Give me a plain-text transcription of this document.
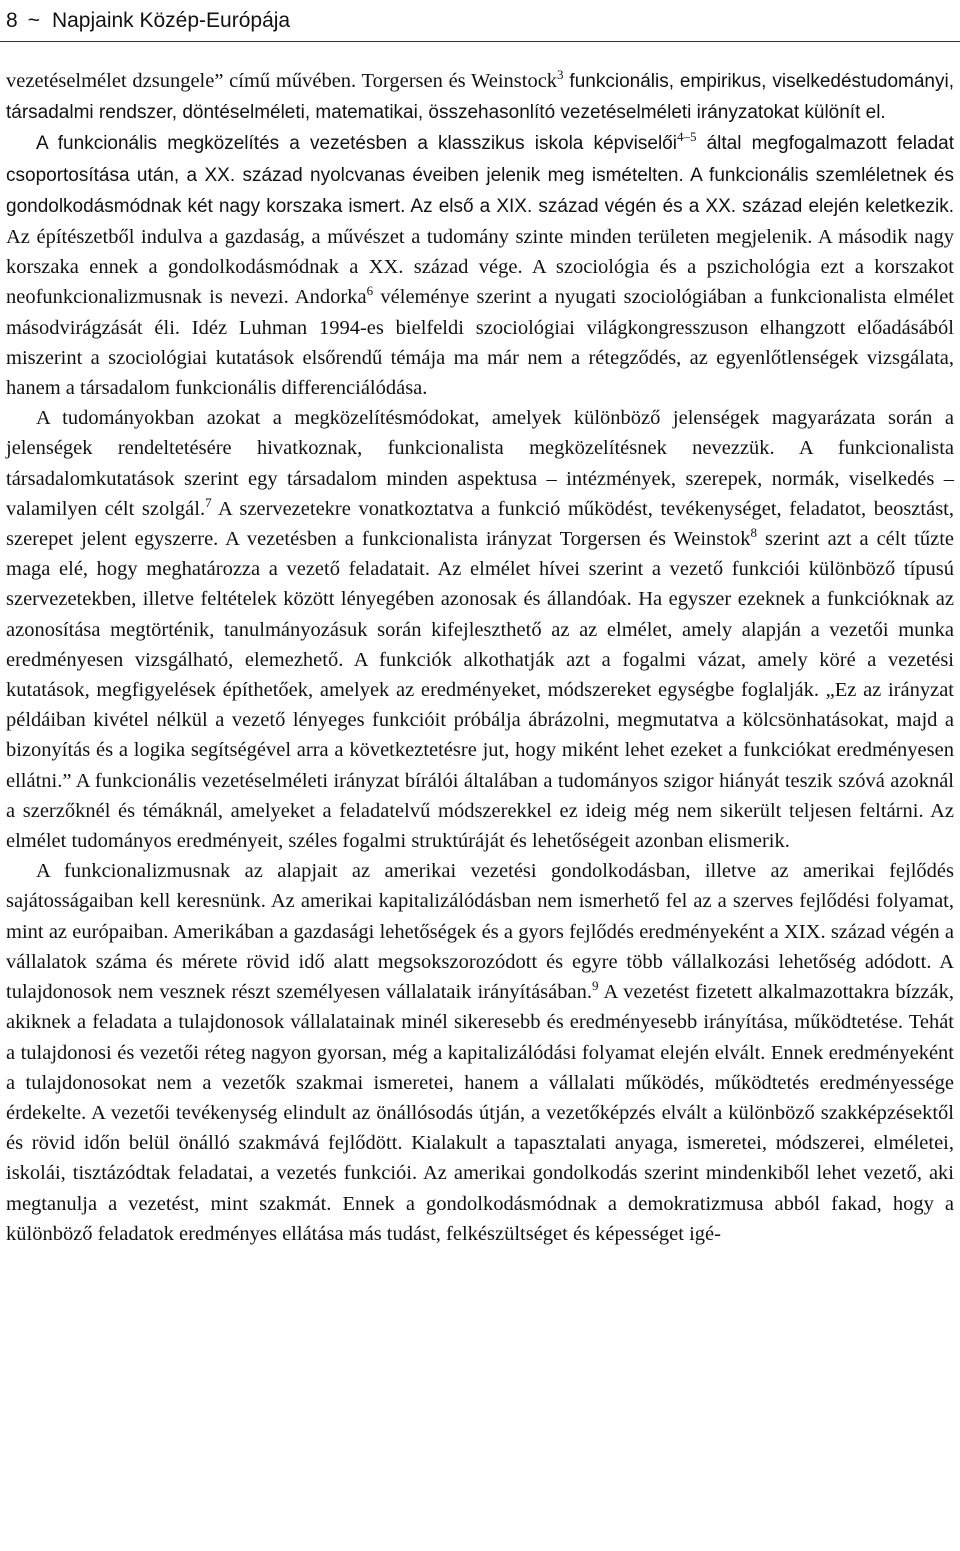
8 ~ Napjaink Közép-Európája

vezetéselmélet dzsungele” című művében. Torgersen és Weinstock$^3$ funkcionális, empirikus, viselkedéstudományi, társadalmi rendszer, döntéselméleti, matematikai, összehasonlító vezetéselméleti irányzatokat különít el.

A funkcionális megközelítés a vezetésben a klasszikus iskola képviselői$^{4-5}$ által megfogalmazott feladat csoportosítása után, a XX. század nyolcvanas éveiben jelenik meg ismételten. A funkcionális szemléletnek és gondolkodásmódnak két nagy korszaka ismert. Az első a XIX. század végén és a XX. század elején keletkezik. Az építészetből indulva a gazdaság, a művészet a tudomány szinte minden területen megjelenik. A második nagy korszaka ennek a gondolkodásmódnak a XX. század vége. A szociológia és a pszichológia ezt a korszakot neofunkcionalizmusnak is nevezi. Andorka$^6$ véleménye szerint a nyugati szociológiában a funkcionalista elmélet másodvirágzását éli. Idéz Luhman 1994-es bielfeldi szociológiai világkongresszuson elhangzott előadásából miszerint a szociológiai kutatások elsőrendű témája ma már nem a rétegződés, az egyenlőtlenségek vizsgálata, hanem a társadalom funkcionális differenciálódása.

A tudományokban azokat a megközelítésmódokat, amelyek különböző jelenségek magyarázata során a jelenségek rendeltetésére hivatkoznak, funkcionalista megközelítésnek nevezzük. A funkcionalista társadalomkutatások szerint egy társadalom minden aspektusa – intézmények, szerepek, normák, viselkedés – valamilyen célt szolgál.$^7$ A szervezetekre vonatkoztatva a funkció működést, tevékenységet, feladatot, beosztást, szerepet jelent egyszerre. A vezetésben a funkcionalista irányzat Torgersen és Weinstok$^8$ szerint azt a célt tűzte maga elé, hogy meghatározza a vezető feladatait. Az elmélet hívei szerint a vezető funkciói különböző típusú szervezetekben, illetve feltételek között lényegében azonosak és állandóak. Ha egyszer ezeknek a funkcióknak az azonosítása megtörténik, tanulmányozásuk során kifejleszthető az az elmélet, amely alapján a vezetői munka eredményesen vizsgálható, elemezhető. A funkciók alkothatják azt a fogalmi vázat, amely köré a vezetési kutatások, megfigyelések építhetőek, amelyek az eredményeket, módszereket egységbe foglalják. „Ez az irányzat példáiban kivétel nélkül a vezető lényeges funkcióit próbálja ábrázolni, megmutatva a kölcsönhatásokat, majd a bizonyítás és a logika segítségével arra a következtetésre jut, hogy miként lehet ezeket a funkciókat eredményesen ellátni.” A funkcionális vezetéselméleti irányzat bírálói általában a tudományos szigor hiányát teszik szóvá azoknál a szerzőknél és témáknál, amelyeket a feladatelvű módszerekkel ez ideig még nem sikerült teljesen feltárni. Az elmélet tudományos eredményeit, széles fogalmi struktúráját és lehetőségeit azonban elismerik.

A funkcionalizmusnak az alapjait az amerikai vezetési gondolkodásban, illetve az amerikai fejlődés sajátosságaiban kell keresnünk. Az amerikai kapitalizálódásban nem ismerhető fel az a szerves fejlődési folyamat, mint az európaiban. Amerikában a gazdasági lehetőségek és a gyors fejlődés eredményeként a XIX. század végén a vállalatok száma és mérete rövid idő alatt megsokszorozódott és egyre több vállalkozási lehetőség adódott. A tulajdonosok nem vesznek részt személyesen vállalataik irányításában.$^9$ A vezetést fizetett alkalmazottakra bízzák, akiknek a feladata a tulajdonosok vállalatainak minél sikeresebb és eredményesebb irányítása, működtetése. Tehát a tulajdonosi és vezetői réteg nagyon gyorsan, még a kapitalizálódási folyamat elején elvált. Ennek eredményeként a tulajdonosokat nem a vezetők szakmai ismeretei, hanem a vállalati működés, működtetés eredményessége érdekelte. A vezetői tevékenység elindult az önállósodás útján, a vezetőképzés elvált a különböző szakképzésektől és rövid időn belül önálló szakmává fejlődött. Kialakult a tapasztalati anyaga, ismeretei, módszerei, elméletei, iskolái, tisztázódtak feladatai, a vezetés funkciói. Az amerikai gondolkodás szerint mindenkiből lehet vezető, aki megtanulja a vezetést, mint szakmát. Ennek a gondolkodásmódnak a demokratizmusa abból fakad, hogy a különböző feladatok eredményes ellátása más tudást, felkészültséget és képességet igé-
